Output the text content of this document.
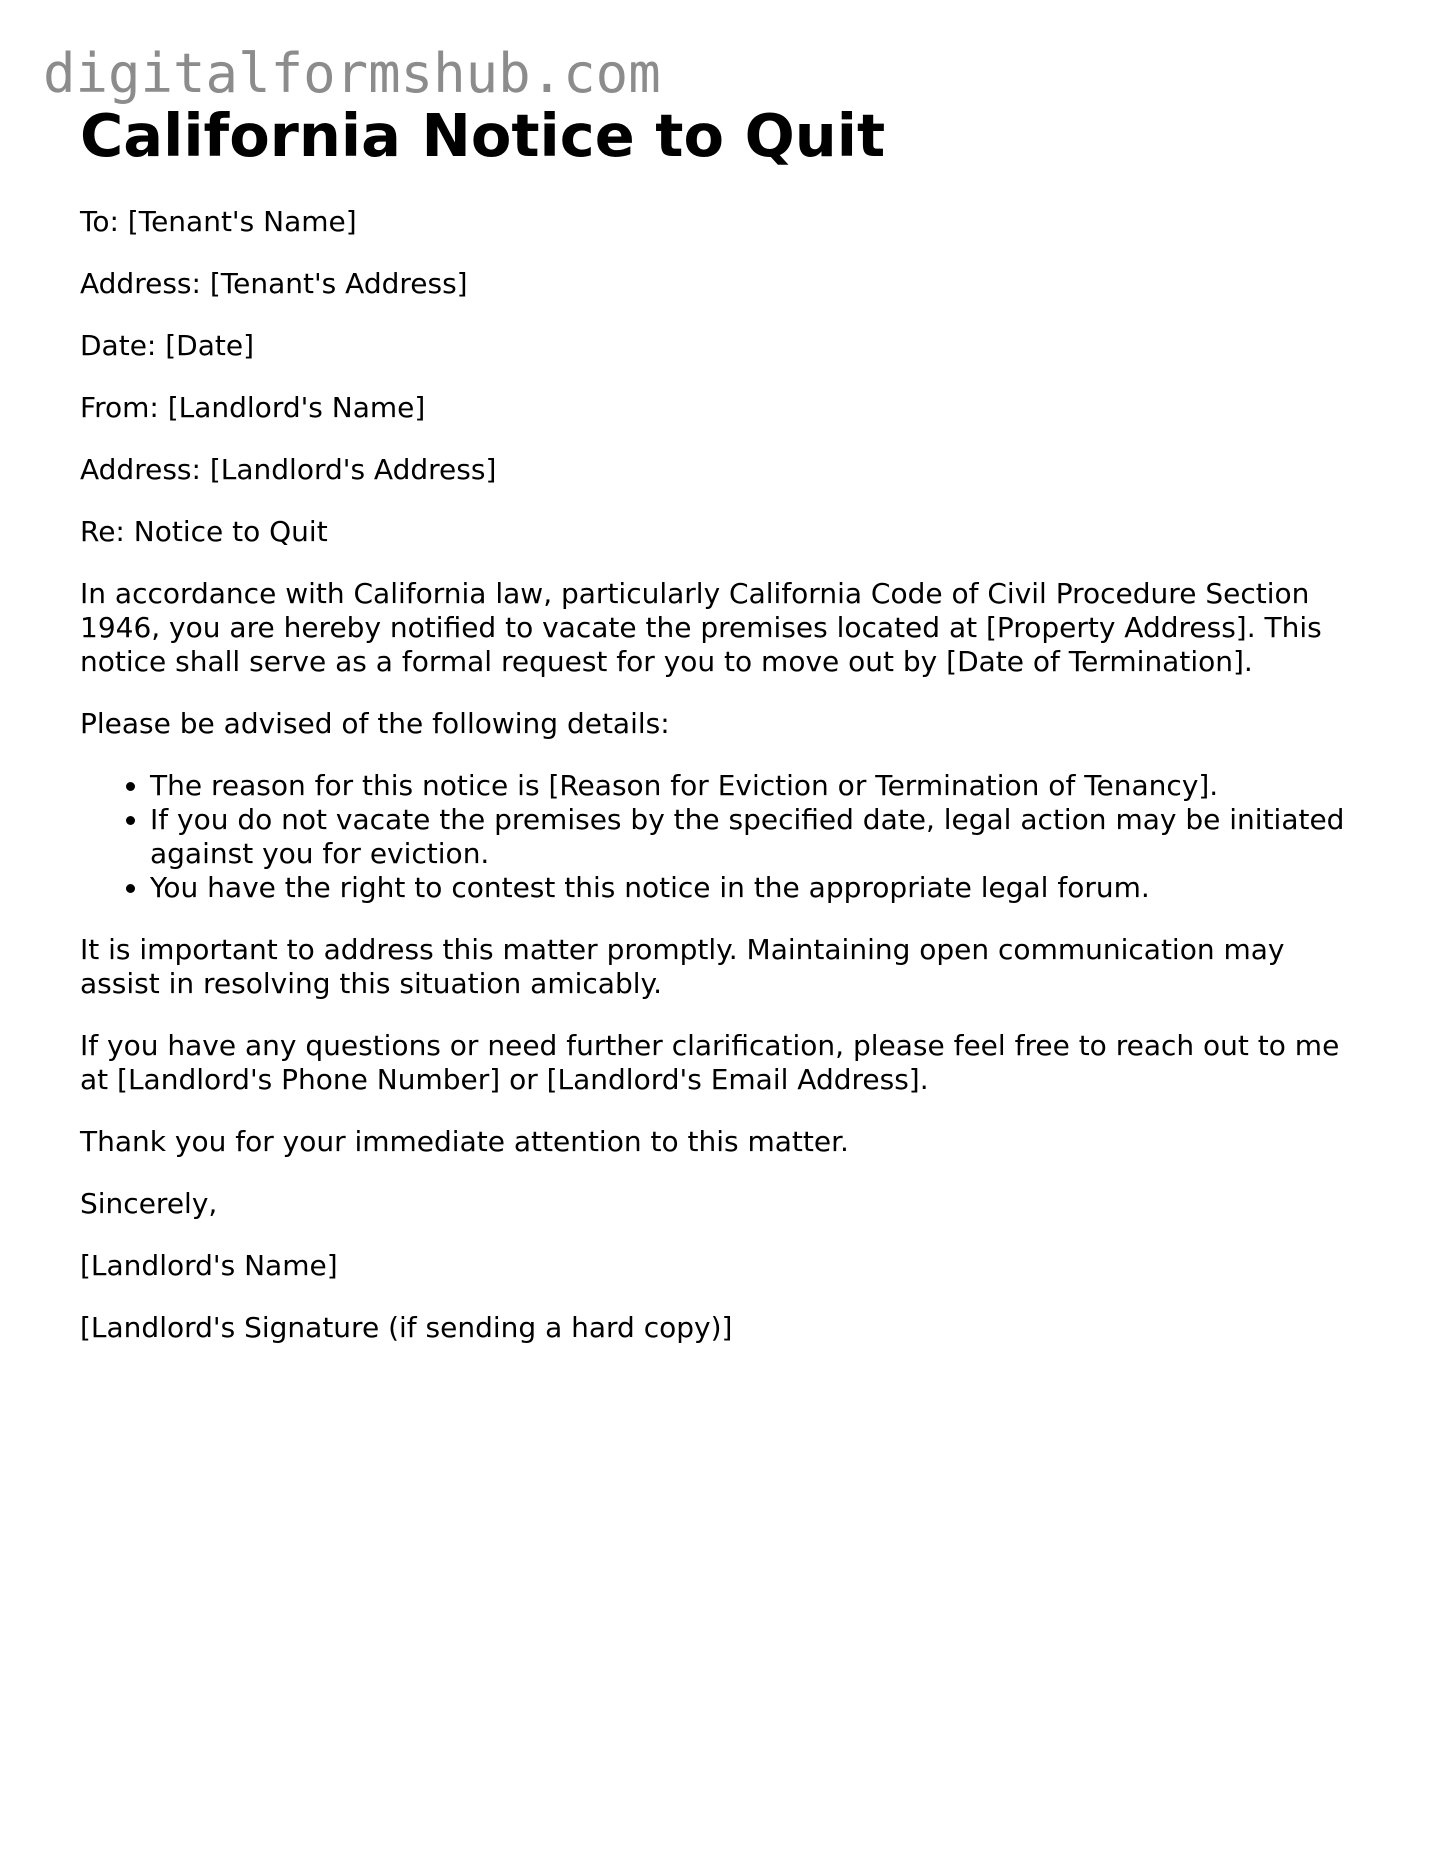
digitalformshub.com
California Notice to Quit

To: [Tenant's Name]

Address: [Tenant's Address]

Date: [Date]

From: [Landlord's Name]

Address: [Landlord's Address]

Re: Notice to Quit

In accordance with California law, particularly California Code of Civil Procedure Section 1946, you are hereby notified to vacate the premises located at [Property Address]. This notice shall serve as a formal request for you to move out by [Date of Termination].

Please be advised of the following details:

• The reason for this notice is [Reason for Eviction or Termination of Tenancy].
• If you do not vacate the premises by the specified date, legal action may be initiated against you for eviction.
• You have the right to contest this notice in the appropriate legal forum.

It is important to address this matter promptly. Maintaining open communication may assist in resolving this situation amicably.

If you have any questions or need further clarification, please feel free to reach out to me at [Landlord's Phone Number] or [Landlord's Email Address].

Thank you for your immediate attention to this matter.

Sincerely,

[Landlord's Name]

[Landlord's Signature (if sending a hard copy)]
